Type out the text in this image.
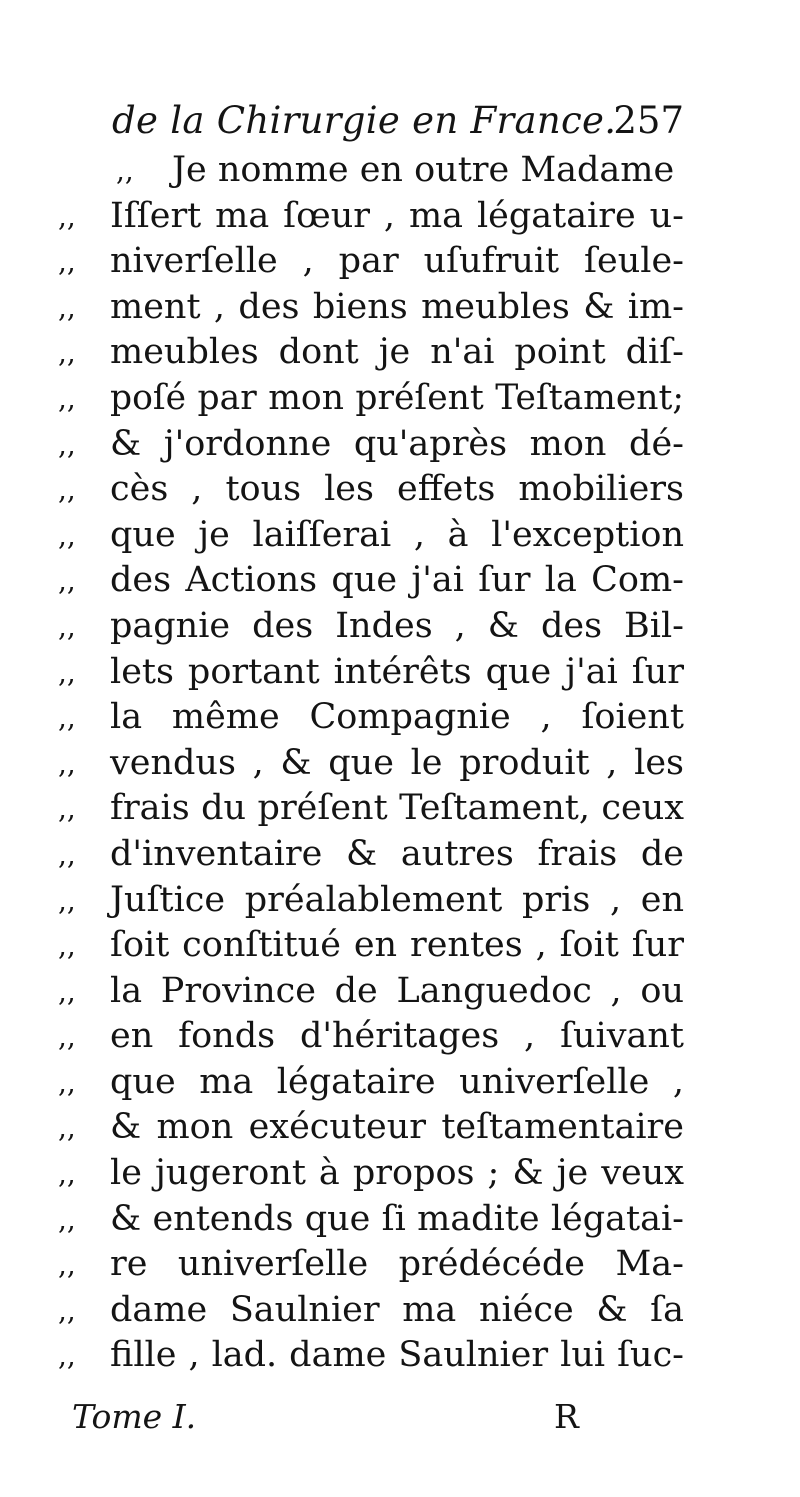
de la Chirurgie en France.
257
,,	Je nomme en outre Madame
,, Iſſert ma ſœur , ma légataire u-
,, niverſelle , par uſufruit ſeule-
,, ment , des biens meubles & im-
,, meubles dont je n'ai point diſ-
,, poſé par mon préſent Teſtament;
,, & j'ordonne qu'après mon dé-
,, cès , tous les effets mobiliers
,, que je laiſſerai , à l'exception
,, des Actions que j'ai ſur la Com-
,, pagnie des Indes , & des Bil-
,, lets portant intérêts que j'ai ſur
,, la même Compagnie , ſoient
,, vendus , & que le produit , les
,, frais du préſent Teſtament, ceux
,, d'inventaire & autres frais de
,, Juſtice préalablement pris , en
,, ſoit conſtitué en rentes , ſoit ſur
,, la Province de Languedoc , ou
,, en fonds d'héritages , ſuivant
,, que ma légataire univerſelle ,
,, & mon exécuteur teſtamentaire
,, le jugeront à propos ; & je veux
,, & entends que ſi madite légatai-
,, re univerſelle prédécéde Ma-
,, dame Saulnier ma niéce & ſa
,, fille , lad. dame Saulnier lui ſuc-
Tome I.	R
